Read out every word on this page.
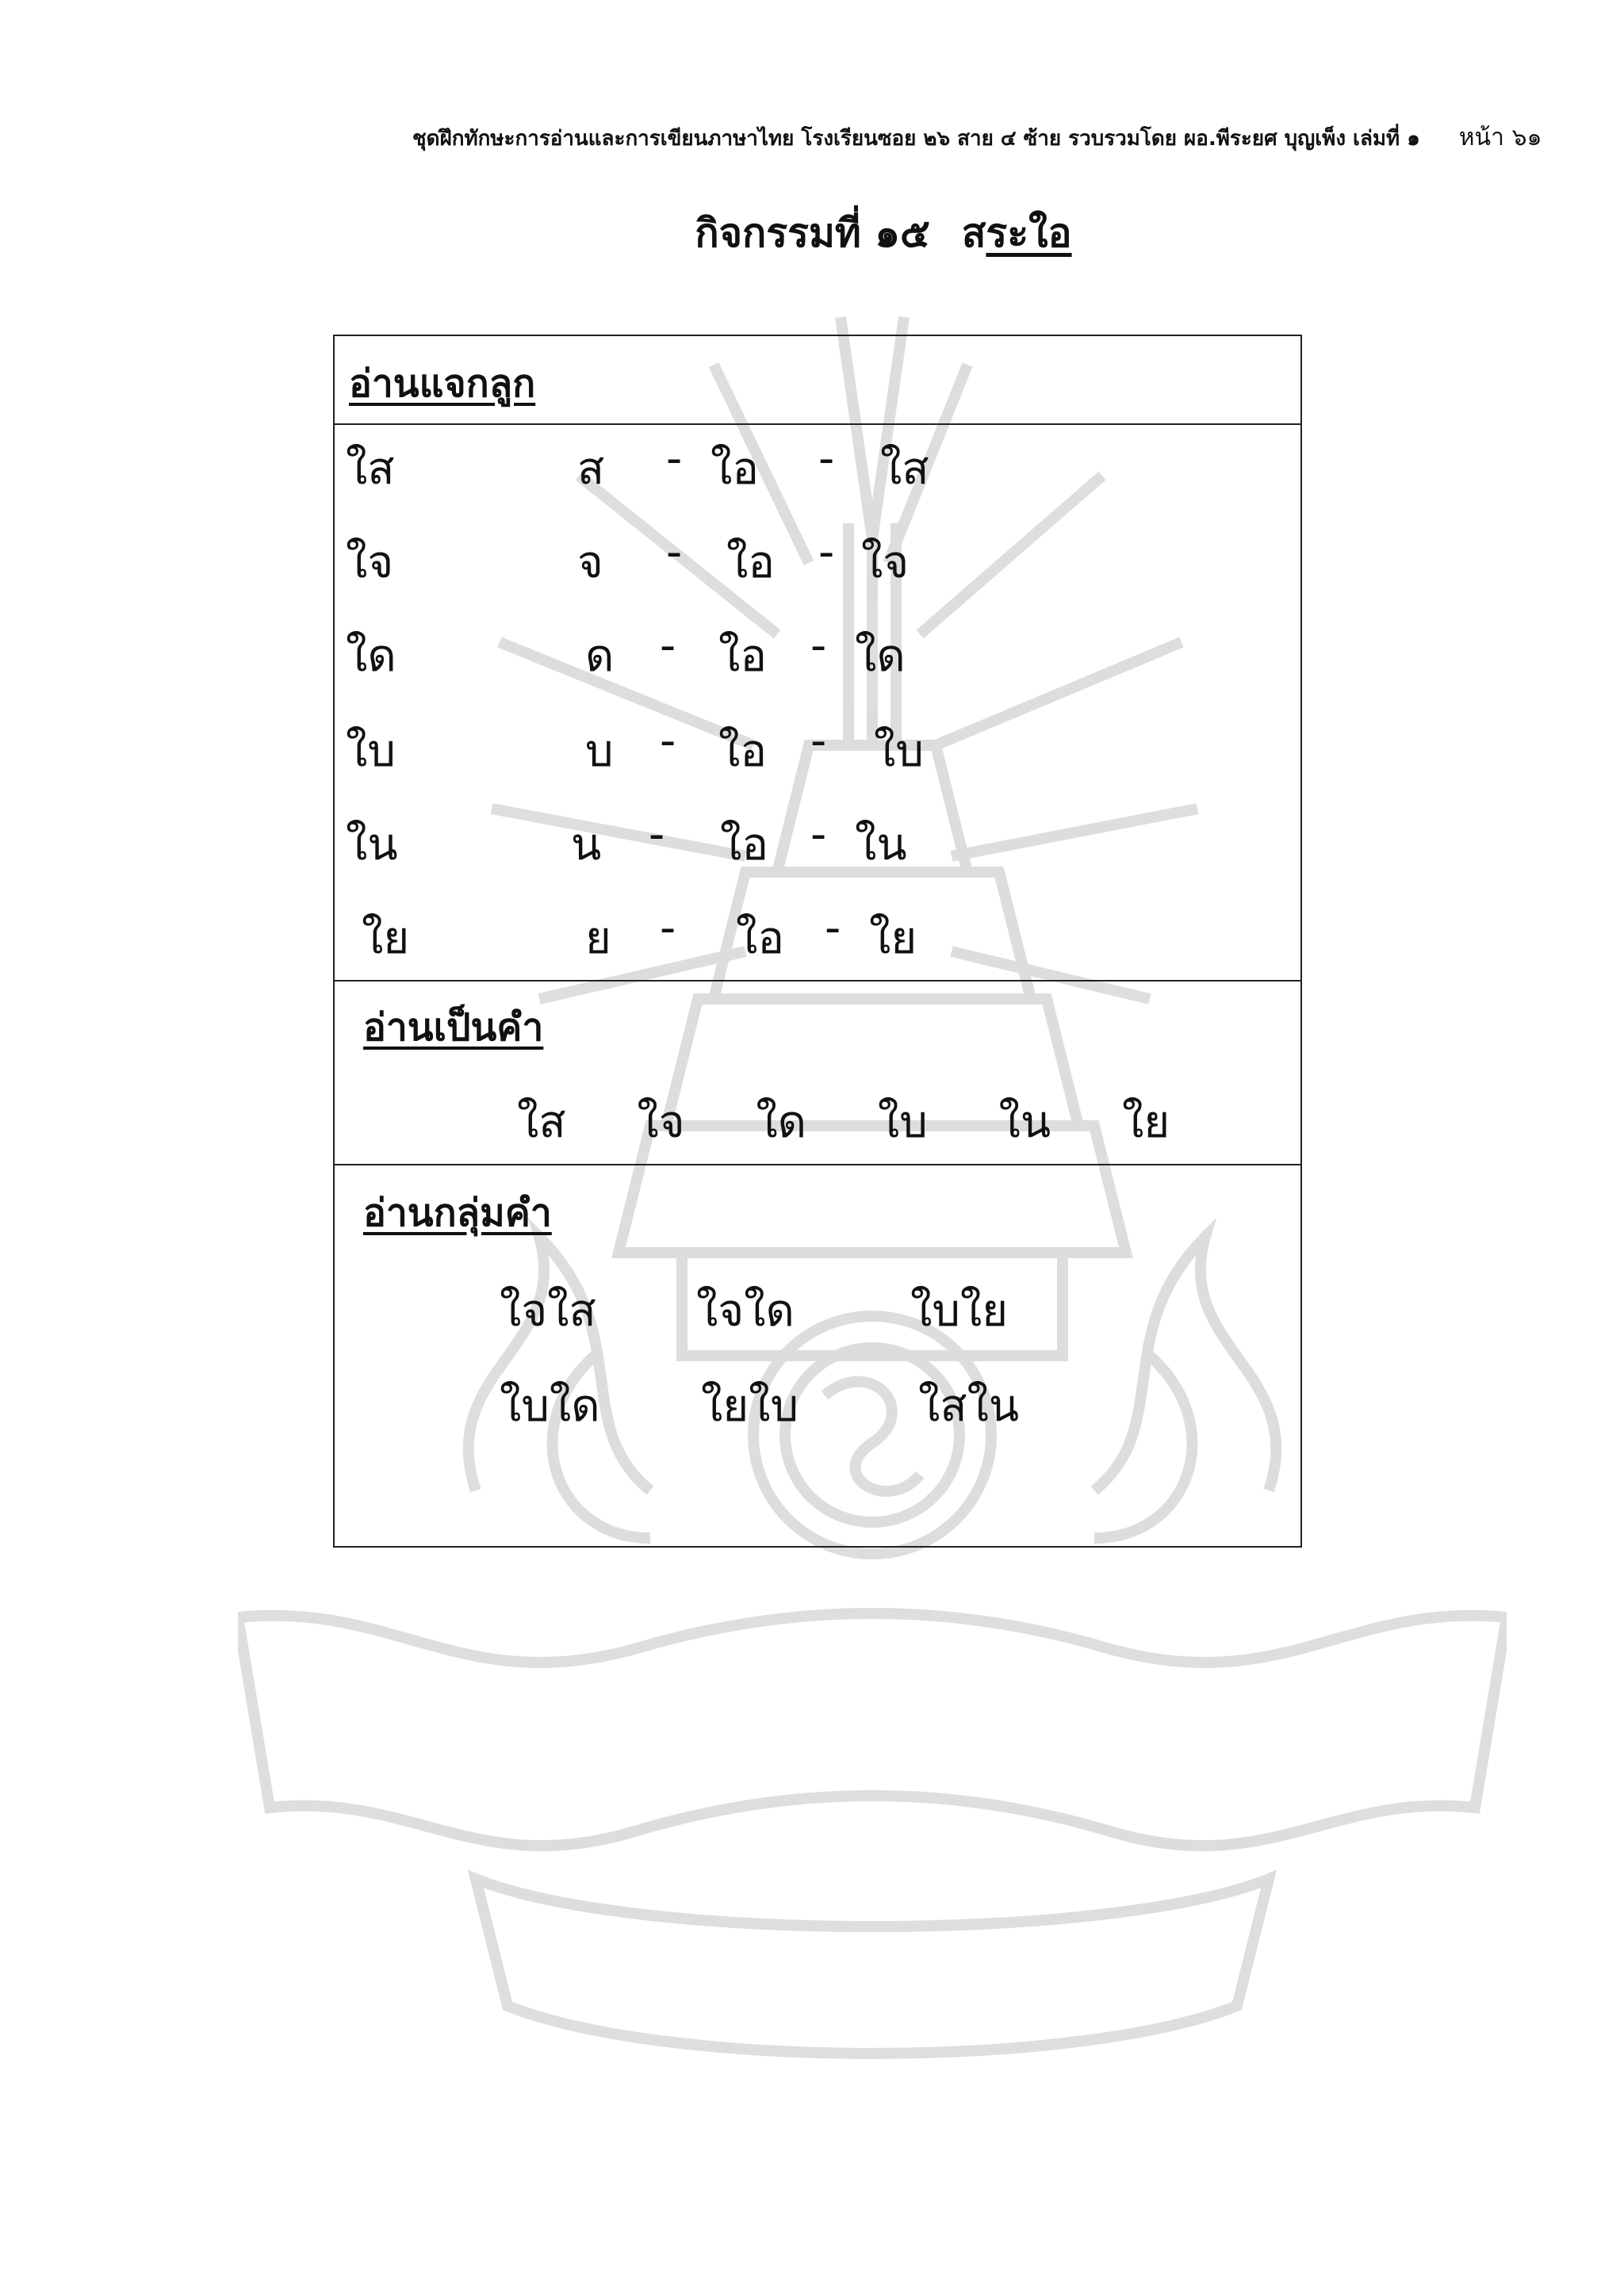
ชุดฝึกทักษะการอ่านและการเขียนภาษาไทย โรงเรียนซอย ๒๖ สาย ๔ ซ้าย รวบรวมโดย ผอ.พีระยศ บุญเพ็ง เล่มที่ ๑ หน้า ๖๑
กิจกรรมที่ ๑๕ สระใอ
อ่านแจกลูก
ใส	ส - ใอ - ใส
ใจ	จ - ใอ - ใจ
ใด	ด - ใอ - ใด
ใบ	บ - ใอ - ใบ
ใน	น - ใอ - ใน
ใย	ย - ใอ - ใย
อ่านเป็นคำ
ใส ใจ ใด ใบ ใน ใย
อ่านกลุ่มคำ
ใจใส ใจใด	ใบใย
ใบใด ใยใบ	ใสใน
